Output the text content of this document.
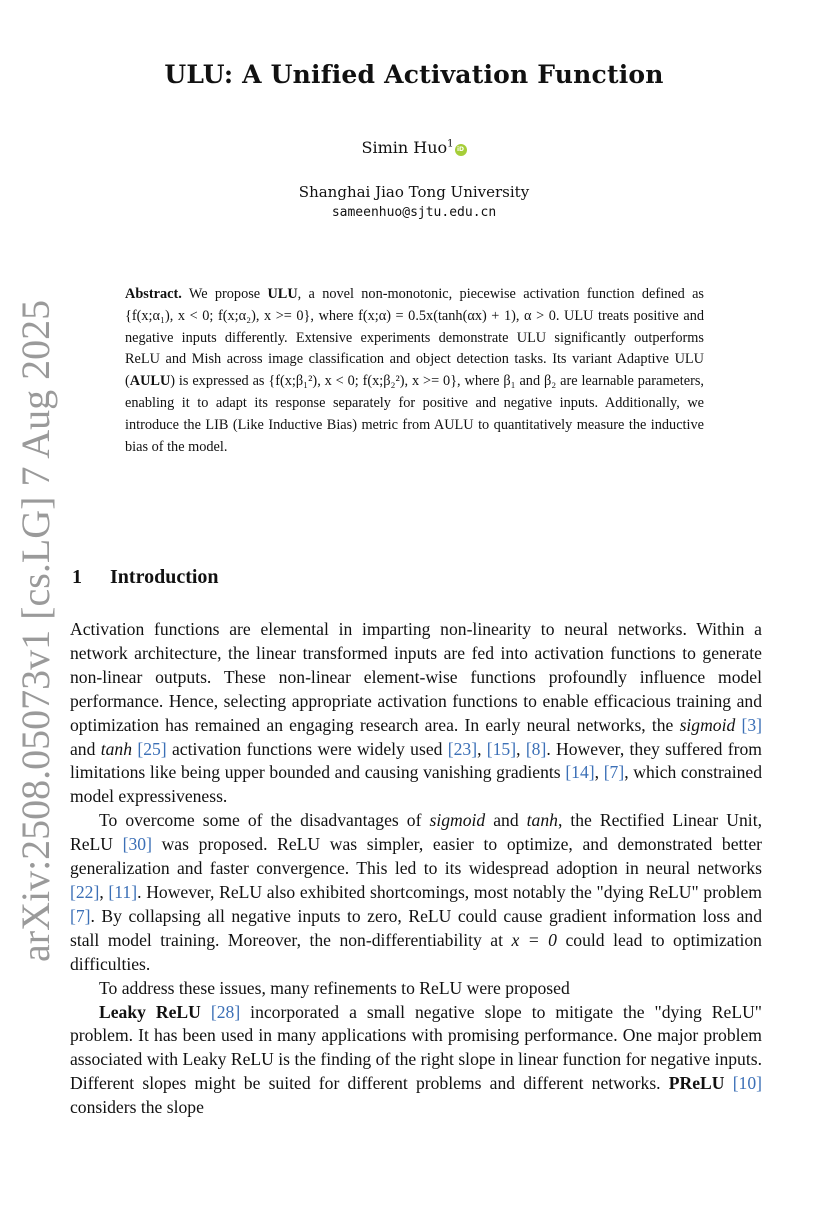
ULU: A Unified Activation Function
Simin Huo$^1$ iD
Shanghai Jiao Tong University
sameenhuo@sjtu.edu.cn
arXiv:2508.05073v1 [cs.LG] 7 Aug 2025
Abstract. We propose ULU, a novel non-monotonic, piecewise activation function defined as {f(x;α₁), x < 0; f(x;α₂), x >= 0}, where f(x;α) = 0.5x(tanh(αx) + 1), α > 0. ULU treats positive and negative inputs differently. Extensive experiments demonstrate ULU significantly outperforms ReLU and Mish across image classification and object detection tasks. Its variant Adaptive ULU (AULU) is expressed as {f(x;β₁²), x < 0; f(x;β₂²), x >= 0}, where β₁ and β₂ are learnable parameters, enabling it to adapt its response separately for positive and negative inputs. Additionally, we introduce the LIB (Like Inductive Bias) metric from AULU to quantitatively measure the inductive bias of the model.
1 Introduction

Activation functions are elemental in imparting non-linearity to neural networks. Within a network architecture, the linear transformed inputs are fed into activation functions to generate non-linear outputs. These non-linear element-wise functions profoundly influence model performance. Hence, selecting appropriate activation functions to enable efficacious training and optimization has remained an engaging research area. In early neural networks, the sigmoid [3] and tanh [25] activation functions were widely used [23], [15], [8]. However, they suffered from limitations like being upper bounded and causing vanishing gradients [14], [7], which constrained model expressiveness.

To overcome some of the disadvantages of sigmoid and tanh, the Rectified Linear Unit, ReLU [30] was proposed. ReLU was simpler, easier to optimize, and demonstrated better generalization and faster convergence. This led to its widespread adoption in neural networks [22], [11]. However, ReLU also exhibited shortcomings, most notably the "dying ReLU" problem [7]. By collapsing all negative inputs to zero, ReLU could cause gradient information loss and stall model training. Moreover, the non-differentiability at x = 0 could lead to optimization difficulties.

To address these issues, many refinements to ReLU were proposed

Leaky ReLU [28] incorporated a small negative slope to mitigate the "dying ReLU" problem. It has been used in many applications with promising performance. One major problem associated with Leaky ReLU is the finding of the right slope in linear function for negative inputs. Different slopes might be suited for different problems and different networks. PReLU [10] considers the slope
